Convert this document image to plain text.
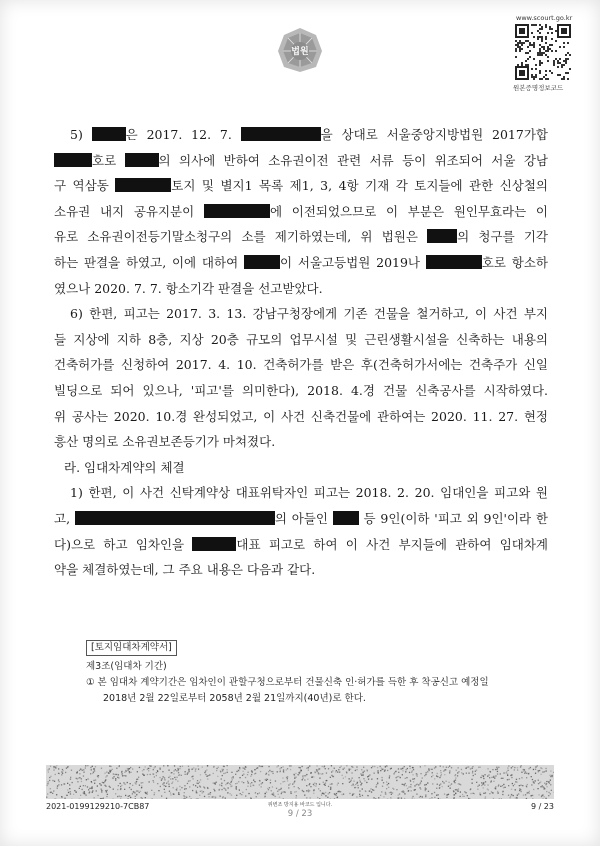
법원
www.scourt.go.kr
원본증명정보코드
5)	은 2017. 12. 7.	을 상대로 서울중앙지방법원 2017가합
호로	의 의사에 반하여 소유권이전 관련 서류 등이 위조되어 서울 강남
구 역삼동	토지 및 별지1 목록 제1, 3, 4항 기재 각 토지들에 관한 신상철의
소유권 내지 공유지분이	에 이전되었으므로 이 부분은 원인무효라는 이
유로 소유권이전등기말소청구의 소를 제기하였는데, 위 법원은	의 청구를 기각
하는 판결을 하였고, 이에 대하여	이 서울고등법원 2019나	호로 항소하
였으나 2020. 7. 7. 항소기각 판결을 선고받았다.
6) 한편, 피고는 2017. 3. 13. 강남구청장에게 기존 건물을 철거하고, 이 사건 부지
들 지상에 지하 8층, 지상 20층 규모의 업무시설 및 근린생활시설을 신축하는 내용의
건축허가를 신청하여 2017. 4. 10. 건축허가를 받은 후(건축허가서에는 건축주가 신일
빌딩으로 되어 있으나, '피고'를 의미한다), 2018. 4.경 건물 신축공사를 시작하였다.
위 공사는 2020. 10.경 완성되었고, 이 사건 신축건물에 관하여는 2020. 11. 27. 현정
흥산 명의로 소유권보존등기가 마쳐졌다.
라. 임대차계약의 체결
1) 한편, 이 사건 신탁계약상 대표위탁자인 피고는 2018. 2. 20. 임대인을 피고와 원
고,	의 아들인  등 9인(이하 '피고 외 9인'이라 한
다)으로 하고 임차인을	대표 피고로 하여 이 사건 부지들에 관하여 임대차계
약을 체결하였는데, 그 주요 내용은 다음과 같다.
[토지임대차계약서]
제3조(임대차 기간)
① 본 임대차 계약기간은 임차인이 관할구청으로부터 건물신축 인·허가를 득한 후 착공신고 예정일
2018년 2월 22일로부터 2058년 2월 21일까지(40년)로 한다.
2021-0199129210-7CB87	위변조 방지용 바코드 입니다.
9 / 23
9 / 23
